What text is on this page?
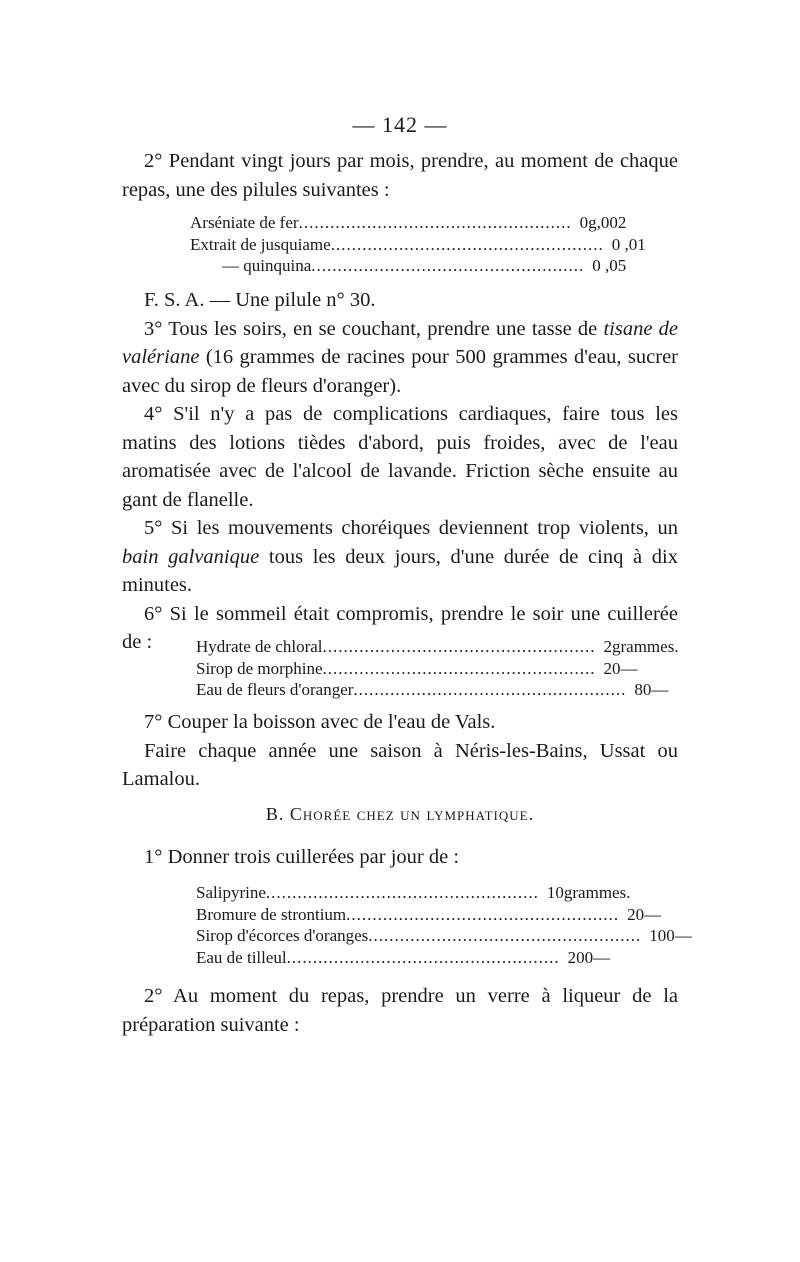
— 142 —

2° Pendant vingt jours par mois, prendre, au moment de chaque repas, une des pilules suivantes :

Arséniate de fer.................................................... 0g,002
Extrait de jusquiame.................................................... 0 ,01
— quinquina.................................................... 0 ,05

F. S. A. — Une pilule n° 30.

3° Tous les soirs, en se couchant, prendre une tasse de tisane de valériane (16 grammes de racines pour 500 grammes d'eau, sucrer avec du sirop de fleurs d'oranger).

4° S'il n'y a pas de complications cardiaques, faire tous les matins des lotions tièdes d'abord, puis froides, avec de l'eau aromatisée avec de l'alcool de lavande. Friction sèche ensuite au gant de flanelle.

5° Si les mouvements choréiques deviennent trop violents, un bain galvanique tous les deux jours, d'une durée de cinq à dix minutes.

6° Si le sommeil était compromis, prendre le soir une cuillerée de :	Hydrate de chloral.................................................... 2 grammes.
Sirop de morphine.................................................... 20 —
Eau de fleurs d'oranger.................................................... 80 —

7° Couper la boisson avec de l'eau de Vals.

Faire chaque année une saison à Néris-les-Bains, Ussat ou Lamalou.

B. Chorée chez un lymphatique.

1° Donner trois cuillerées par jour de :

Salipyrine.................................................... 10 grammes.
Bromure de strontium.................................................... 20 —
Sirop d'écorces d'oranges.................................................... 100 —
Eau de tilleul.................................................... 200 —

2° Au moment du repas, prendre un verre à liqueur de la préparation suivante :
